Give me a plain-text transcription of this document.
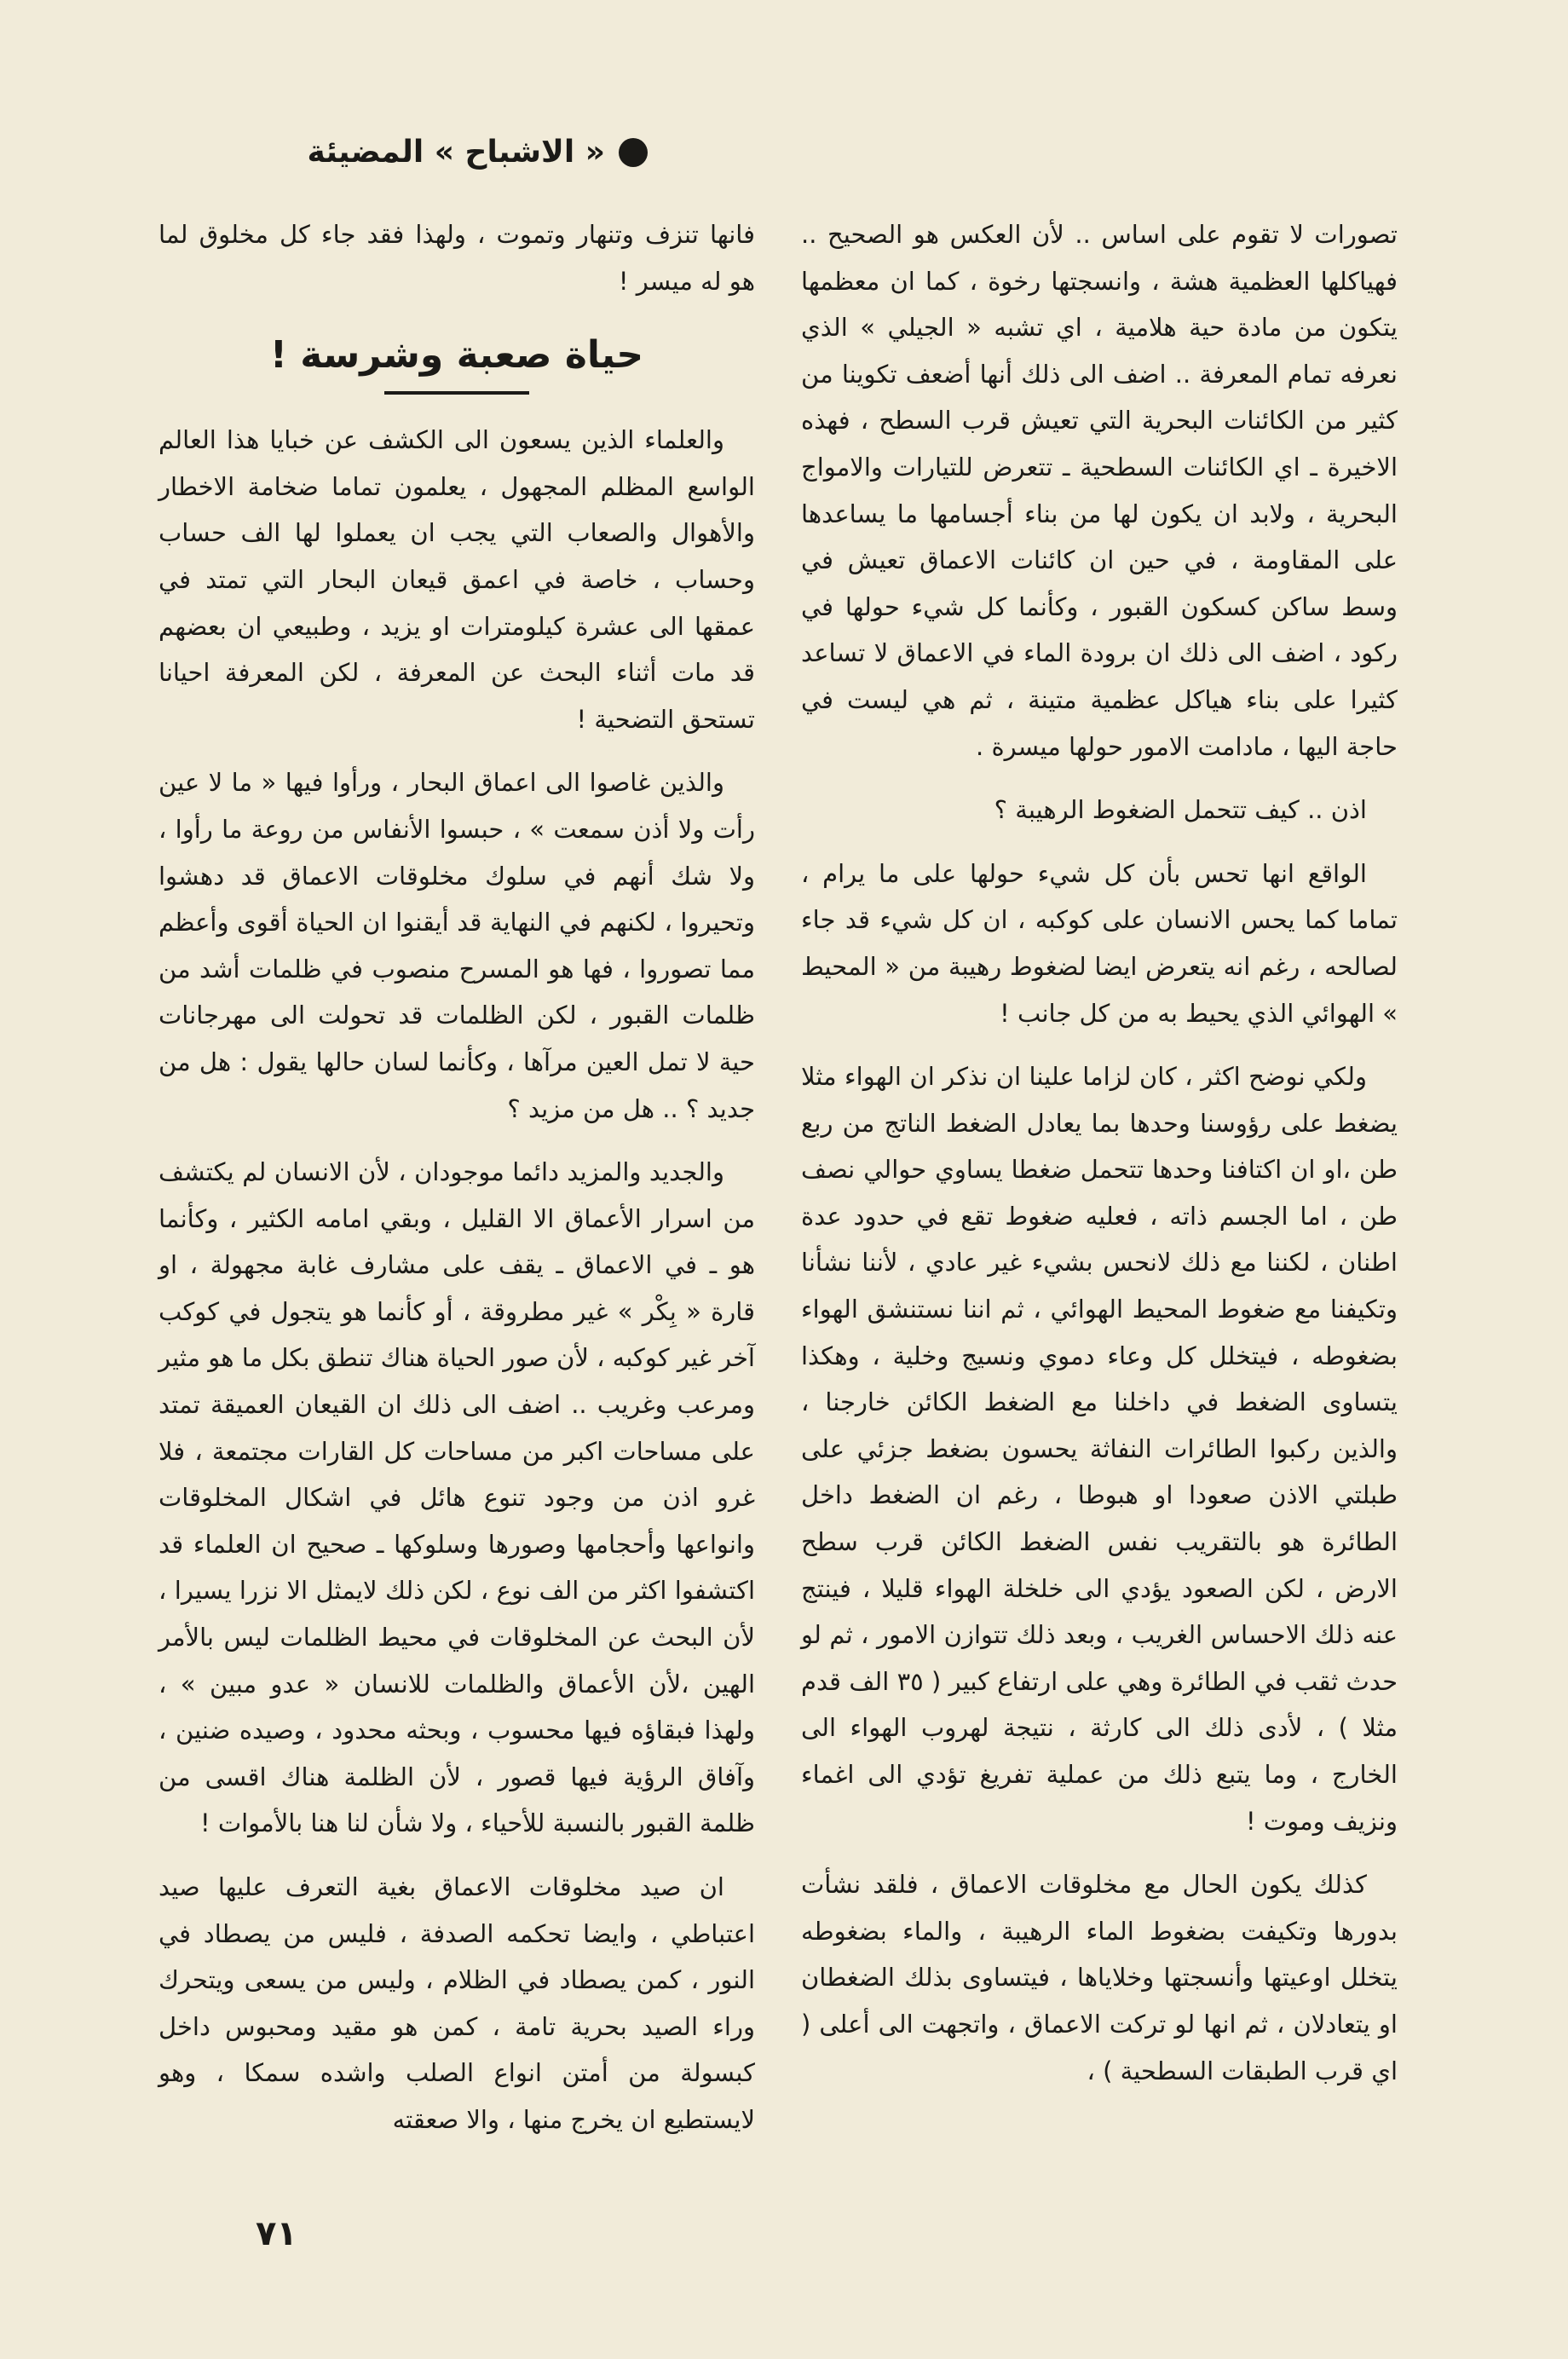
« الاشباح » المضيئة

تصورات لا تقوم على اساس .. لأن العكس هو الصحيح .. فهياكلها العظمية هشة ، وانسجتها رخوة ، كما ان معظمها يتكون من مادة حية هلامية ، اي تشبه « الجيلي » الذي نعرفه تمام المعرفة .. اضف الى ذلك أنها أضعف تكوينا من كثير من الكائنات البحرية التي تعيش قرب السطح ، فهذه الاخيرة ـ اي الكائنات السطحية ـ تتعرض للتيارات والامواج البحرية ، ولابد ان يكون لها من بناء أجسامها ما يساعدها على المقاومة ، في حين ان كائنات الاعماق تعيش في وسط ساكن كسكون القبور ، وكأنما كل شيء حولها في ركود ، اضف الى ذلك ان برودة الماء في الاعماق لا تساعد كثيرا على بناء هياكل عظمية متينة ، ثم هي ليست في حاجة اليها ، مادامت الامور حولها ميسرة .

اذن .. كيف تتحمل الضغوط الرهيبة ؟

الواقع انها تحس بأن كل شيء حولها على ما يرام ، تماما كما يحس الانسان على كوكبه ، ان كل شيء قد جاء لصالحه ، رغم انه يتعرض ايضا لضغوط رهيبة من « المحيط » الهوائي الذي يحيط به من كل جانب !

ولكي نوضح اكثر ، كان لزاما علينا ان نذكر ان الهواء مثلا يضغط على رؤوسنا وحدها بما يعادل الضغط الناتج من ربع طن ،او ان اكتافنا وحدها تتحمل ضغطا يساوي حوالي نصف طن ، اما الجسم ذاته ، فعليه ضغوط تقع في حدود عدة اطنان ، لكننا مع ذلك لانحس بشيء غير عادي ، لأننا نشأنا وتكيفنا مع ضغوط المحيط الهوائي ، ثم اننا نستنشق الهواء بضغوطه ، فيتخلل كل وعاء دموي ونسيج وخلية ، وهكذا يتساوى الضغط في داخلنا مع الضغط الكائن خارجنا ، والذين ركبوا الطائرات النفاثة يحسون بضغط جزئي على طبلتي الاذن صعودا او هبوطا ، رغم ان الضغط داخل الطائرة هو بالتقريب نفس الضغط الكائن قرب سطح الارض ، لكن الصعود يؤدي الى خلخلة الهواء قليلا ، فينتج عنه ذلك الاحساس الغريب ، وبعد ذلك تتوازن الامور ، ثم لو حدث ثقب في الطائرة وهي على ارتفاع كبير ( ٣٥ الف قدم مثلا ) ، لأدى ذلك الى كارثة ، نتيجة لهروب الهواء الى الخارج ، وما يتبع ذلك من عملية تفريغ تؤدي الى اغماء ونزيف وموت !

كذلك يكون الحال مع مخلوقات الاعماق ، فلقد نشأت بدورها وتكيفت بضغوط الماء الرهيبة ، والماء بضغوطه يتخلل اوعيتها وأنسجتها وخلاياها ، فيتساوى بذلك الضغطان او يتعادلان ، ثم انها لو تركت الاعماق ، واتجهت الى أعلى ( اي قرب الطبقات السطحية ) ،

فانها تنزف وتنهار وتموت ، ولهذا فقد جاء كل مخلوق لما هو له ميسر !

حياة صعبة وشرسة !

والعلماء الذين يسعون الى الكشف عن خبايا هذا العالم الواسع المظلم المجهول ، يعلمون تماما ضخامة الاخطار والأهوال والصعاب التي يجب ان يعملوا لها الف حساب وحساب ، خاصة في اعمق قيعان البحار التي تمتد في عمقها الى عشرة كيلومترات او يزيد ، وطبيعي ان بعضهم قد مات أثناء البحث عن المعرفة ، لكن المعرفة احيانا تستحق التضحية !

والذين غاصوا الى اعماق البحار ، ورأوا فيها « ما لا عين رأت ولا أذن سمعت » ، حبسوا الأنفاس من روعة ما رأوا ، ولا شك أنهم في سلوك مخلوقات الاعماق قد دهشوا وتحيروا ، لكنهم في النهاية قد أيقنوا ان الحياة أقوى وأعظم مما تصوروا ، فها هو المسرح منصوب في ظلمات أشد من ظلمات القبور ، لكن الظلمات قد تحولت الى مهرجانات حية لا تمل العين مرآها ، وكأنما لسان حالها يقول : هل من جديد ؟ .. هل من مزيد ؟

والجديد والمزيد دائما موجودان ، لأن الانسان لم يكتشف من اسرار الأعماق الا القليل ، وبقي امامه الكثير ، وكأنما هو ـ في الاعماق ـ يقف على مشارف غابة مجهولة ، او قارة « بِكْر » غير مطروقة ، أو كأنما هو يتجول في كوكب آخر غير كوكبه ، لأن صور الحياة هناك تنطق بكل ما هو مثير ومرعب وغريب .. اضف الى ذلك ان القيعان العميقة تمتد على مساحات اكبر من مساحات كل القارات مجتمعة ، فلا غرو اذن من وجود تنوع هائل في اشكال المخلوقات وانواعها وأحجامها وصورها وسلوكها ـ صحيح ان العلماء قد اكتشفوا اكثر من الف نوع ، لكن ذلك لايمثل الا نزرا يسيرا ، لأن البحث عن المخلوقات في محيط الظلمات ليس بالأمر الهين ،لأن الأعماق والظلمات للانسان « عدو مبين » ، ولهذا فبقاؤه فيها محسوب ، وبحثه محدود ، وصيده ضنين ، وآفاق الرؤية فيها قصور ، لأن الظلمة هناك اقسى من ظلمة القبور بالنسبة للأحياء ، ولا شأن لنا هنا بالأموات !

ان صيد مخلوقات الاعماق بغية التعرف عليها صيد اعتباطي ، وايضا تحكمه الصدفة ، فليس من يصطاد في النور ، كمن يصطاد في الظلام ، وليس من يسعى ويتحرك وراء الصيد بحرية تامة ، كمن هو مقيد ومحبوس داخل كبسولة من أمتن انواع الصلب واشده سمكا ، وهو لايستطيع ان يخرج منها ، والا صعقته

٧١
